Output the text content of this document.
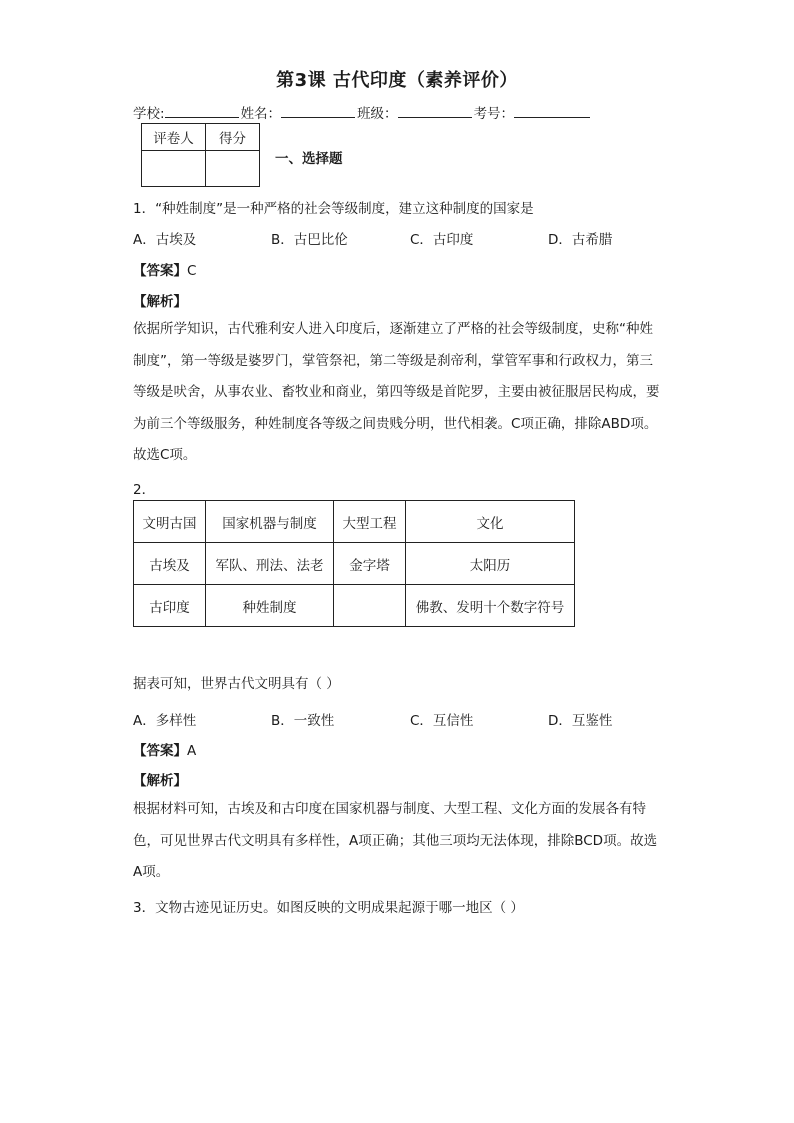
第3课 古代印度（素养评价）
学校:	姓名：	班级：	考号：
评卷人	得分

一、选择题
1．“种姓制度”是一种严格的社会等级制度，建立这种制度的国家是
A．古埃及	B．古巴比伦	C．古印度	D．古希腊
【答案】C
【解析】
依据所学知识，古代雅利安人进入印度后，逐渐建立了严格的社会等级制度，史称“种姓制度”，第一等级是婆罗门，掌管祭祀，第二等级是刹帝利，掌管军事和行政权力，第三等级是吠舍，从事农业、畜牧业和商业，第四等级是首陀罗，主要由被征服居民构成，要为前三个等级服务，种姓制度各等级之间贵贱分明，世代相袭。C项正确，排除ABD项。故选C项。
2．
文明古国	国家机器与制度	大型工程	文化
古埃及	军队、刑法、法老	金字塔	太阳历
古印度	种姓制度		佛教、发明十个数字符号
据表可知，世界古代文明具有（ ）
A．多样性	B．一致性	C．互信性	D．互鉴性
【答案】A
【解析】
根据材料可知，古埃及和古印度在国家机器与制度、大型工程、文化方面的发展各有特色，可见世界古代文明具有多样性，A项正确；其他三项均无法体现，排除BCD项。故选A项。
3．文物古迹见证历史。如图反映的文明成果起源于哪一地区（ ）
